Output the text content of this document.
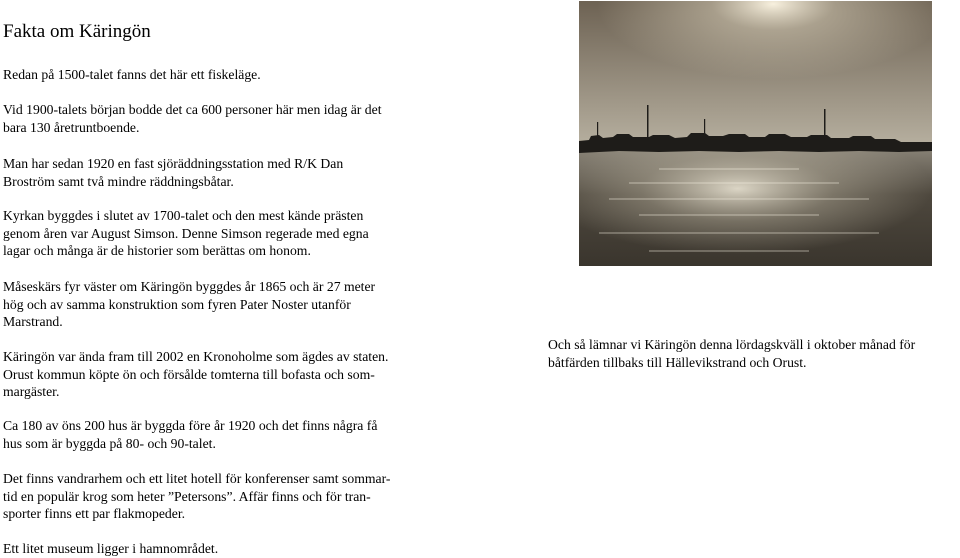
Fakta om Käringön

Redan på 1500-talet fanns det här ett fiskeläge.

Vid 1900-talets början bodde det ca 600 personer här men idag är det
bara 130 åretruntboende.

Man har sedan 1920 en fast sjöräddningsstation med R/K Dan
Broström samt två mindre räddningsbåtar.

Kyrkan byggdes i slutet av 1700-talet och den mest kände prästen
genom åren var August Simson. Denne Simson regerade med egna
lagar och många är de historier som berättas om honom.

Måseskärs fyr väster om Käringön byggdes år 1865 och är 27 meter
hög och av samma konstruktion som fyren Pater Noster utanför
Marstrand.

Käringön var ända fram till 2002 en Kronoholme som ägdes av staten.
Orust kommun köpte ön och försålde tomterna till bofasta och som-
margäster.

Ca 180 av öns 200 hus är byggda före år 1920 och det finns några få
hus som är byggda på 80- och 90-talet.

Det finns vandrarhem och ett litet hotell för konferenser samt sommar-
tid en populär krog som heter ”Petersons”. Affär finns och för tran-
sporter finns ett par flakmopeder.

Ett litet museum ligger i hamnområdet.

Och så lämnar vi Käringön denna lördagskväll i oktober månad för
båtfärden tillbaks till Hällevikstrand och Orust.
